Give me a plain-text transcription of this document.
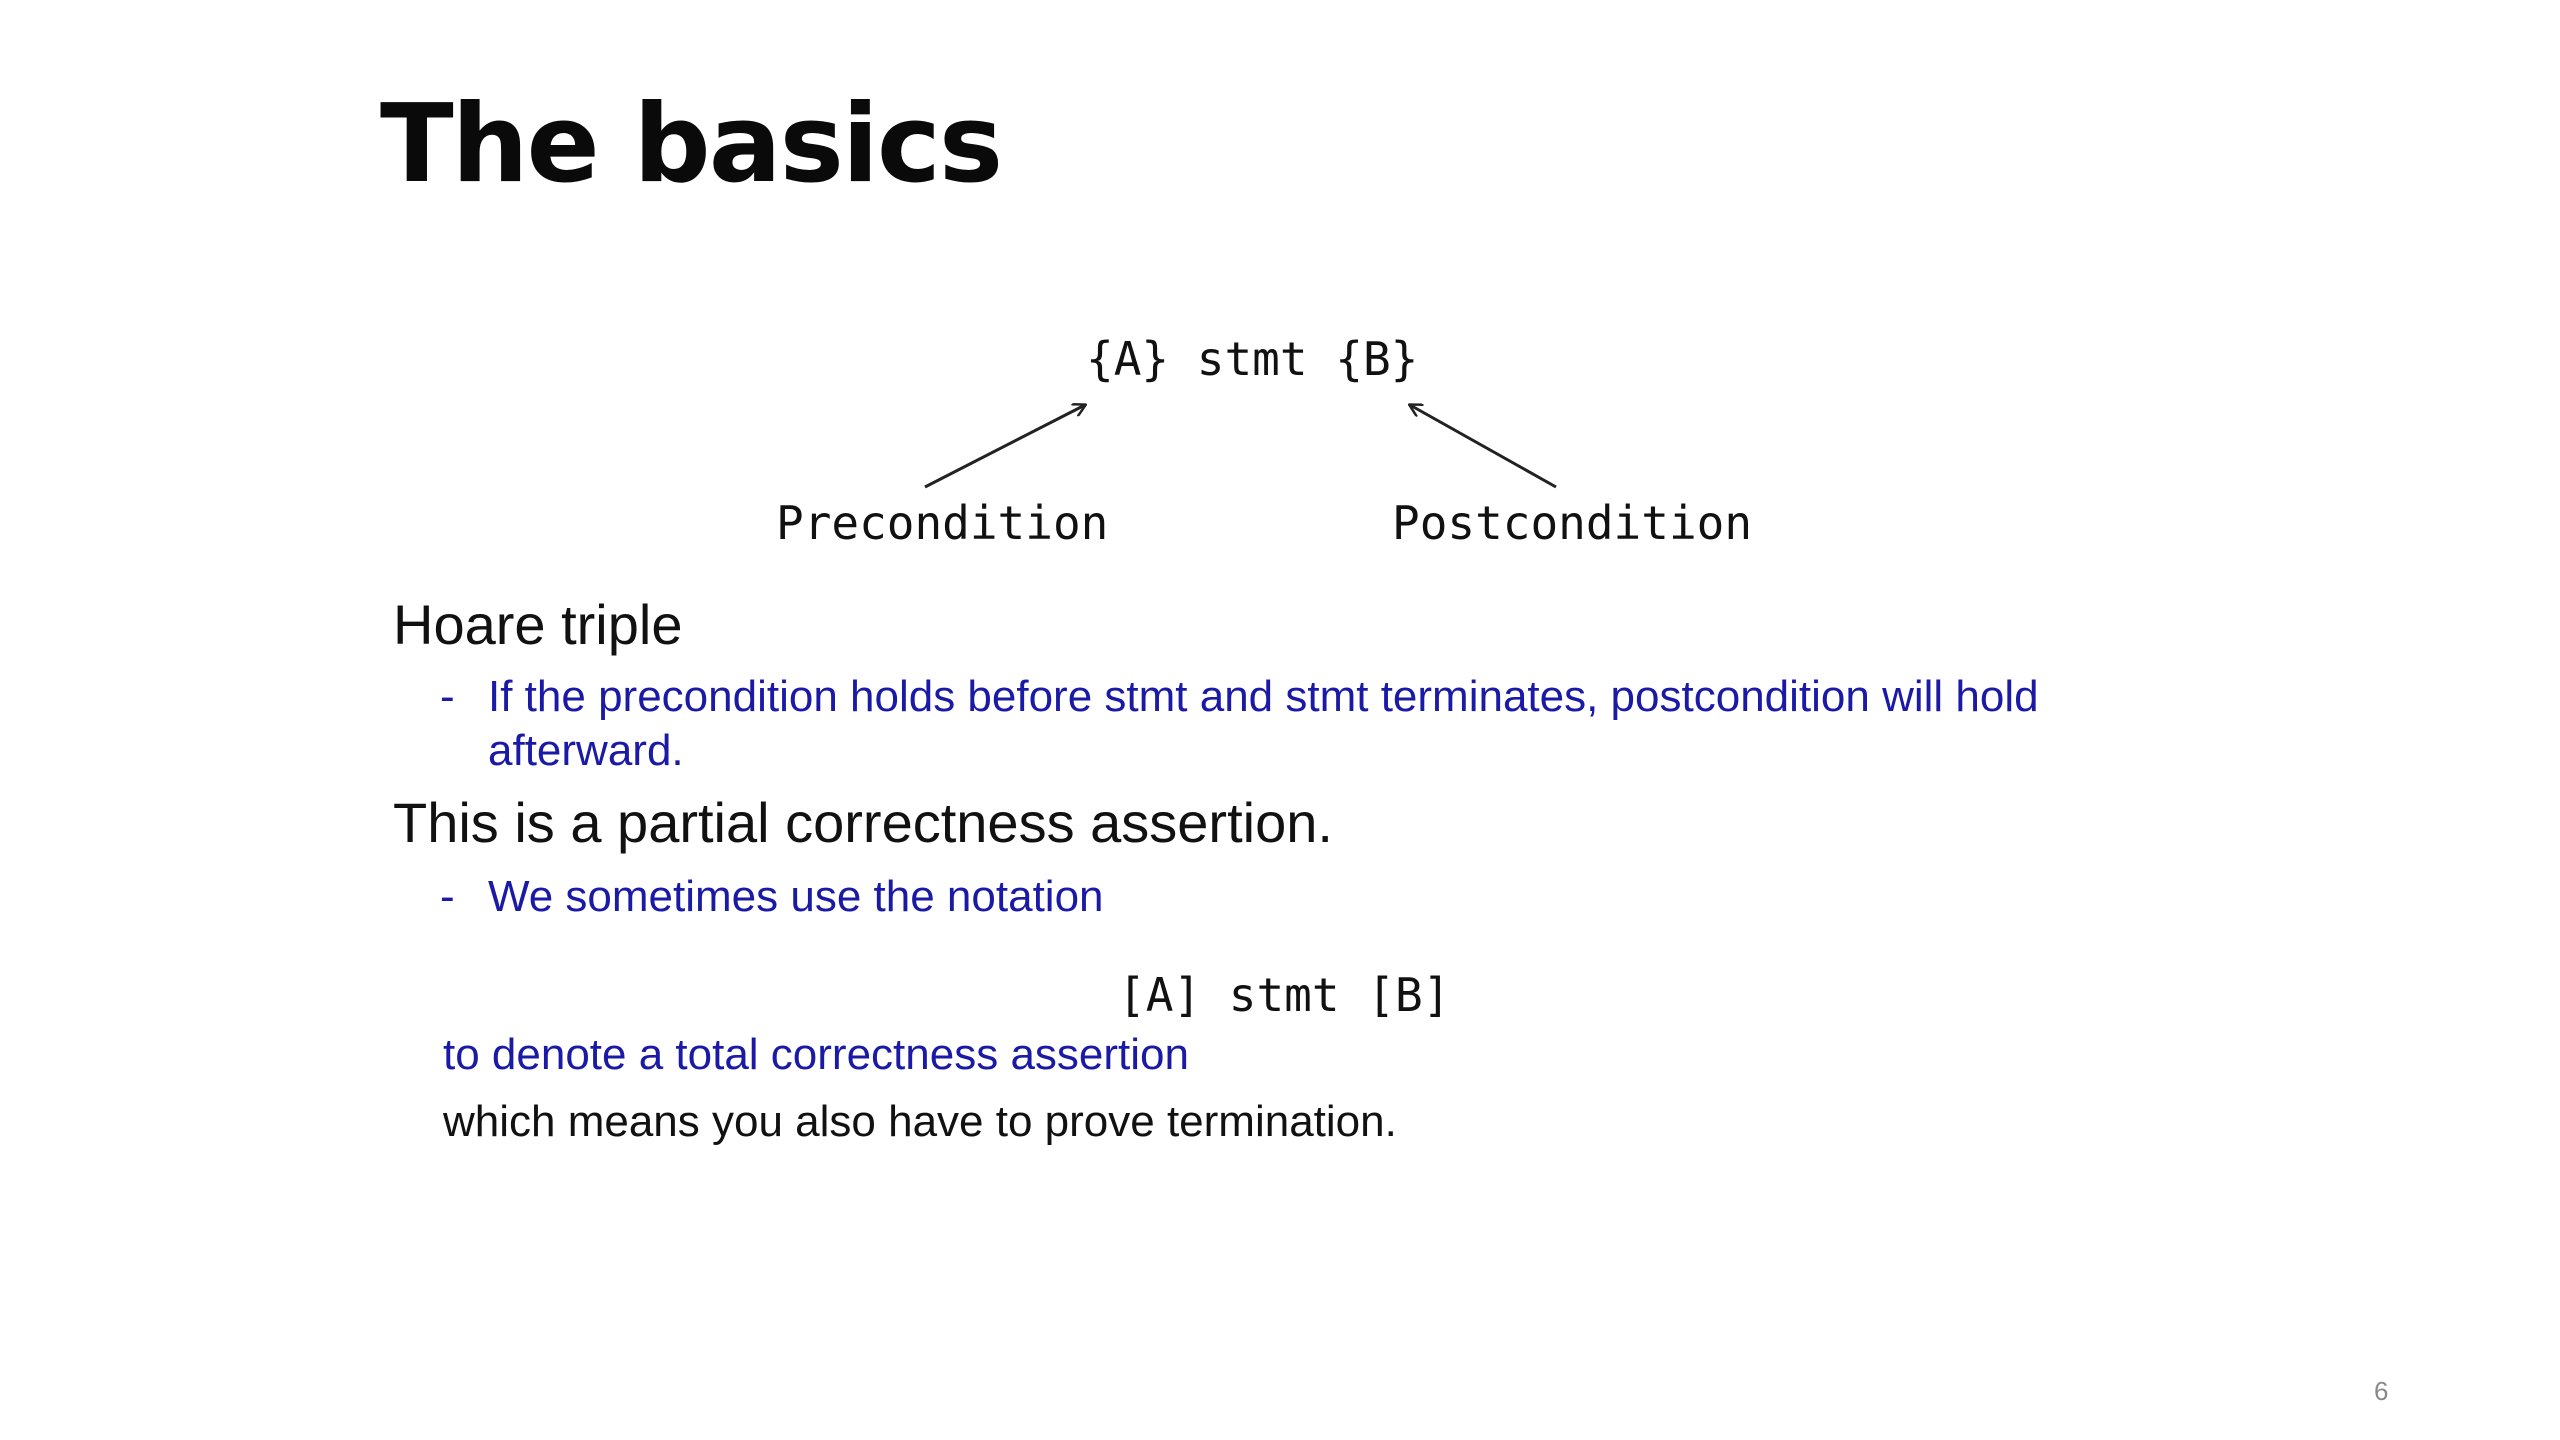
The basics
{A} stmt {B}
Precondition	Postcondition
Hoare triple
- If the precondition holds before stmt and stmt terminates, postcondition will hold afterward.
This is a partial correctness assertion.
- We sometimes use the notation
[A] stmt [B]
to denote a total correctness assertion
which means you also have to prove termination.
6
